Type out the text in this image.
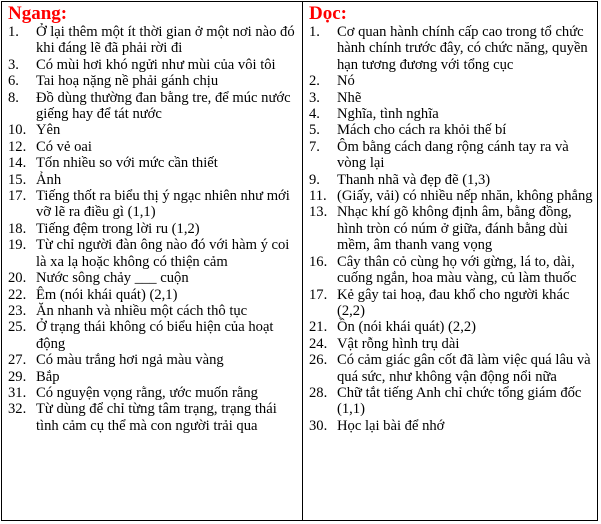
Ngang:
1.	Ở lại thêm một ít thời gian ở một nơi nào đó khi đáng lẽ đã phải rời đi
3.	Có mùi hơi khó ngửi như mùi của vôi tôi
6.	Tai hoạ nặng nề phải gánh chịu
8.	Đồ dùng thường đan bằng tre, để múc nước giếng hay để tát nước
10. Yên
12. Có vẻ oai
14. Tốn nhiều so với mức cần thiết
15. Ảnh
17. Tiếng thốt ra biểu thị ý ngạc nhiên như mới vỡ lẽ ra điều gì (1,1)
18. Tiếng đệm trong lời ru (1,2)
19. Từ chỉ người đàn ông nào đó với hàm ý coi là xa lạ hoặc không có thiện cảm
20. Nước sông chảy ___ cuộn
22. Êm (nói khái quát) (2,1)
23. Ăn nhanh và nhiều một cách thô tục
25. Ở trạng thái không có biểu hiện của hoạt động
27. Có màu trắng hơi ngả màu vàng
29. Bắp
31. Có nguyện vọng rằng, ước muốn rằng
32. Từ dùng để chỉ từng tâm trạng, trạng thái tình cảm cụ thể mà con người trải qua
Dọc:
1.	Cơ quan hành chính cấp cao trong tổ chức
hành chính trước đây, có chức năng, quyền hạn tương đương với tổng cục
2.	Nó
3.	Nhẽ
4.	Nghĩa, tình nghĩa
5.	Mách cho cách ra khỏi thế bí
7.	Ôm bằng cách dang rộng cánh tay ra và vòng lại
9.	Thanh nhã và đẹp đẽ (1,3)
11. (Giấy, vải) có nhiều nếp nhăn, không phẳng
13. Nhạc khí gõ không định âm, bằng đồng, hình tròn có núm ở giữa, đánh bằng dùi mềm, âm thanh vang vọng
16. Cây thân cỏ cùng họ với gừng, lá to, dài, cuống ngắn, hoa màu vàng, củ làm thuốc
17. Kẻ gây tai hoạ, đau khổ cho người khác (2,2)
21. Ồn (nói khái quát) (2,2)
24. Vật rỗng hình trụ dài
26. Có cảm giác gân cốt đã làm việc quá lâu và quá sức, như không vận động nổi nữa
28. Chữ tắt tiếng Anh chỉ chức tổng giám đốc (1,1)
30. Học lại bài để nhớ
